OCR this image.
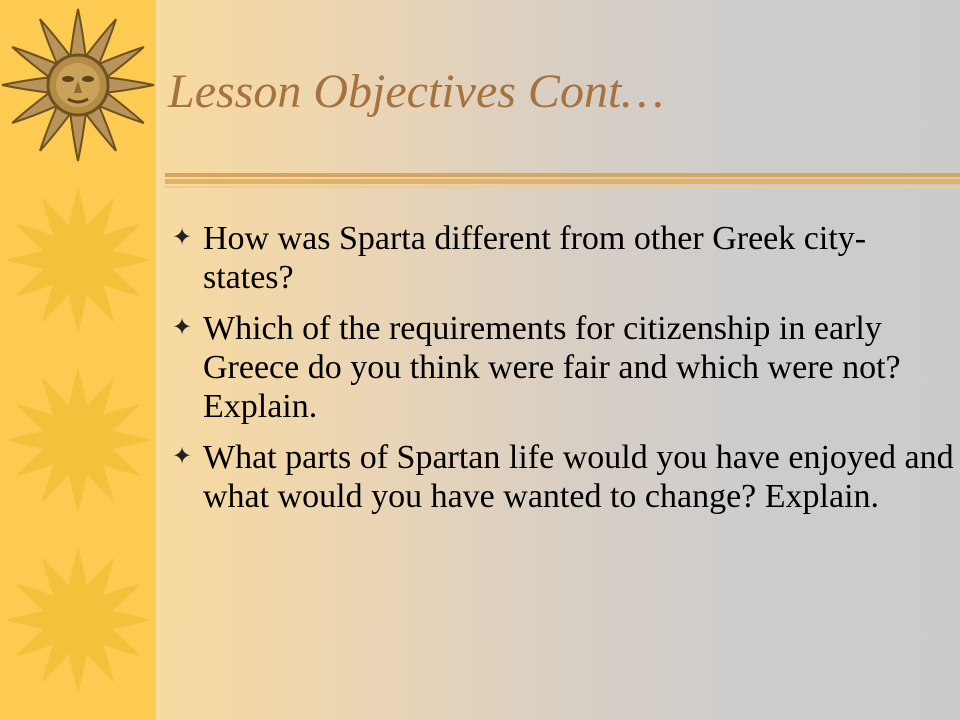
Lesson Objectives Cont…
✦ How was Sparta different from other Greek city-states?
✦ Which of the requirements for citizenship in early Greece do you think were fair and which were not? Explain.
✦ What parts of Spartan life would you have enjoyed and what would you have wanted to change? Explain.
